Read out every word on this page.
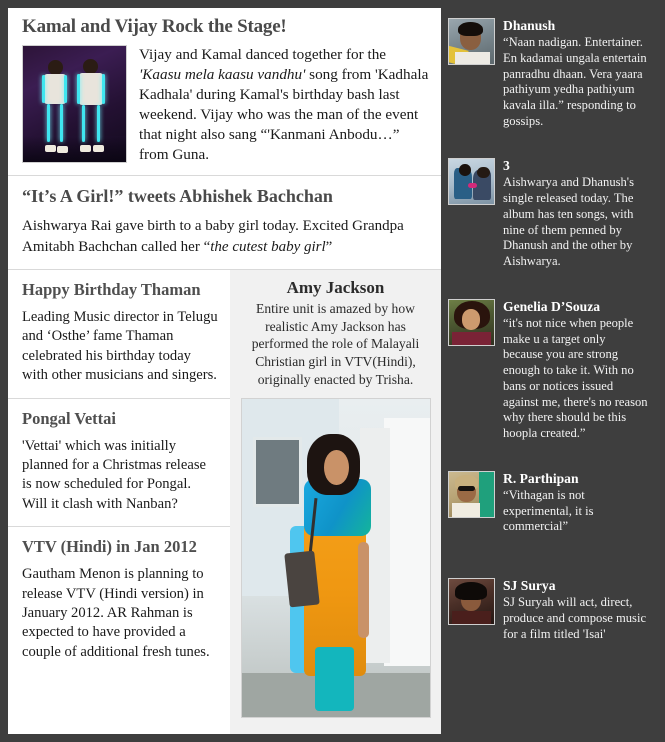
Kamal and Vijay Rock the Stage!
Vijay and Kamal danced together for the 'Kaasu mela kaasu vandhu' song from 'Kadhala Kadhala' during Kamal's birthday bash last weekend. Vijay who was the man of the event that night also sang “'Kanmani Anbodu…” from Guna.
“It’s A Girl!” tweets Abhishek Bachchan
Aishwarya Rai gave birth to a baby girl today. Excited Grandpa Amitabh Bachchan called her “the cutest baby girl”
Happy Birthday Thaman

Leading Music director in Telugu and ‘Osthe’ fame Thaman celebrated his birthday today with other musicians and singers.

Pongal Vettai

'Vettai' which was initially planned for a Christmas release is now scheduled for Pongal. Will it clash with Nanban?

VTV (Hindi) in Jan 2012

Gautham Menon is planning to release VTV (Hindi version) in January 2012. AR Rahman is expected to have provided a couple of additional fresh tunes.

Amy Jackson
Entire unit is amazed by how realistic Amy Jackson has performed the role of Malayali Christian girl in VTV(Hindi), originally enacted by Trisha.
Dhanush
“Naan nadigan. Entertainer. En kadamai ungala entertain panradhu dhaan. Vera yaara pathiyum yedha pathiyum kavala illa.” responding to gossips.
3
Aishwarya and Dhanush's single released today. The album has ten songs, with nine of them penned by Dhanush and the other by Aishwarya.
Genelia D’Souza
“it's not nice when people make u a target only because you are strong enough to take it. With no bans or notices issued against me, there's no reason why there should be this hoopla created.”
R. Parthipan
“Vithagan is not experimental, it is commercial”
SJ Surya
SJ Suryah will act, direct, produce and compose music for a film titled 'Isai'
